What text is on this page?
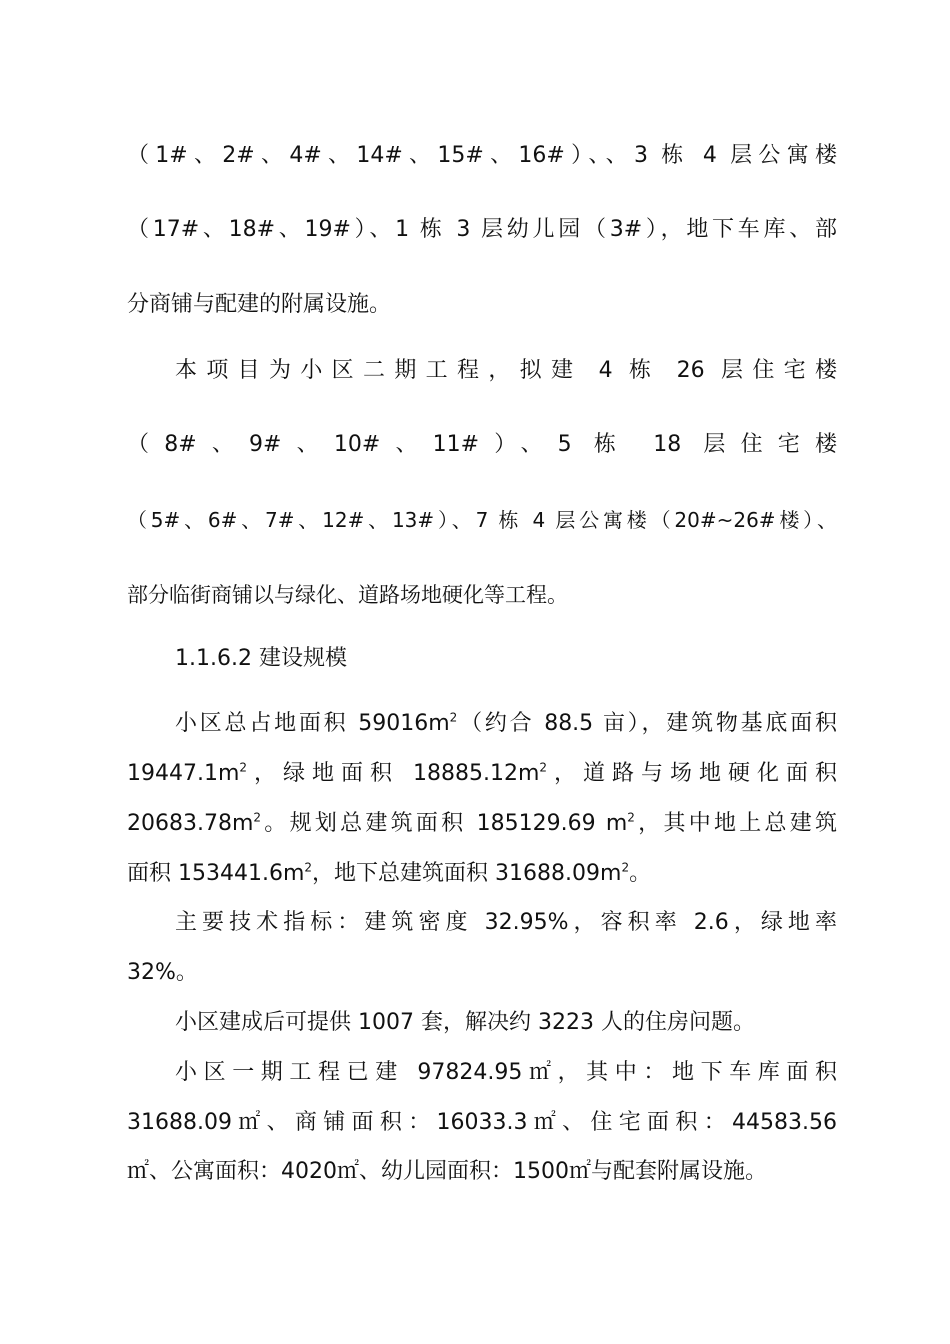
（1#、2#、4#、14#、15#、16#）、、3 栋 4 层公寓楼
（17#、18#、19#）、1 栋 3 层幼儿园（3#），地下车库、部
分商铺与配建的附属设施。
本项目为小区二期工程，拟建 4 栋 26 层住宅楼
（8#、9#、10#、11#）、5 栋 18 层住宅楼
（5#、6#、7#、12#、13#）、7 栋 4 层公寓楼（20#~26#楼）、
部分临街商铺以与绿化、道路场地硬化等工程。
1.1.6.2 建设规模
小区总占地面积 $59016m^2$（约合 88.5 亩），建筑物基底面积
$19447.1m^2$，绿地面积 $18885.12m^2$，道路与场地硬化面积
$20683.78m^2$。规划总建筑面积 185129.69 $m^2$，其中地上总建筑
面积 $153441.6m^2$，地下总建筑面积 $31688.09m^2$。
主要技术指标：建筑密度 32.95%，容积率 2.6，绿地率
32%。
小区建成后可提供 1007 套，解决约 3223 人的住房问题。
小区一期工程已建 97824.95㎡，其中：地下车库面积
31688.09㎡、商铺面积：16033.3㎡、住宅面积：44583.56
㎡、公寓面积：4020㎡、幼儿园面积：1500㎡与配套附属设施。
